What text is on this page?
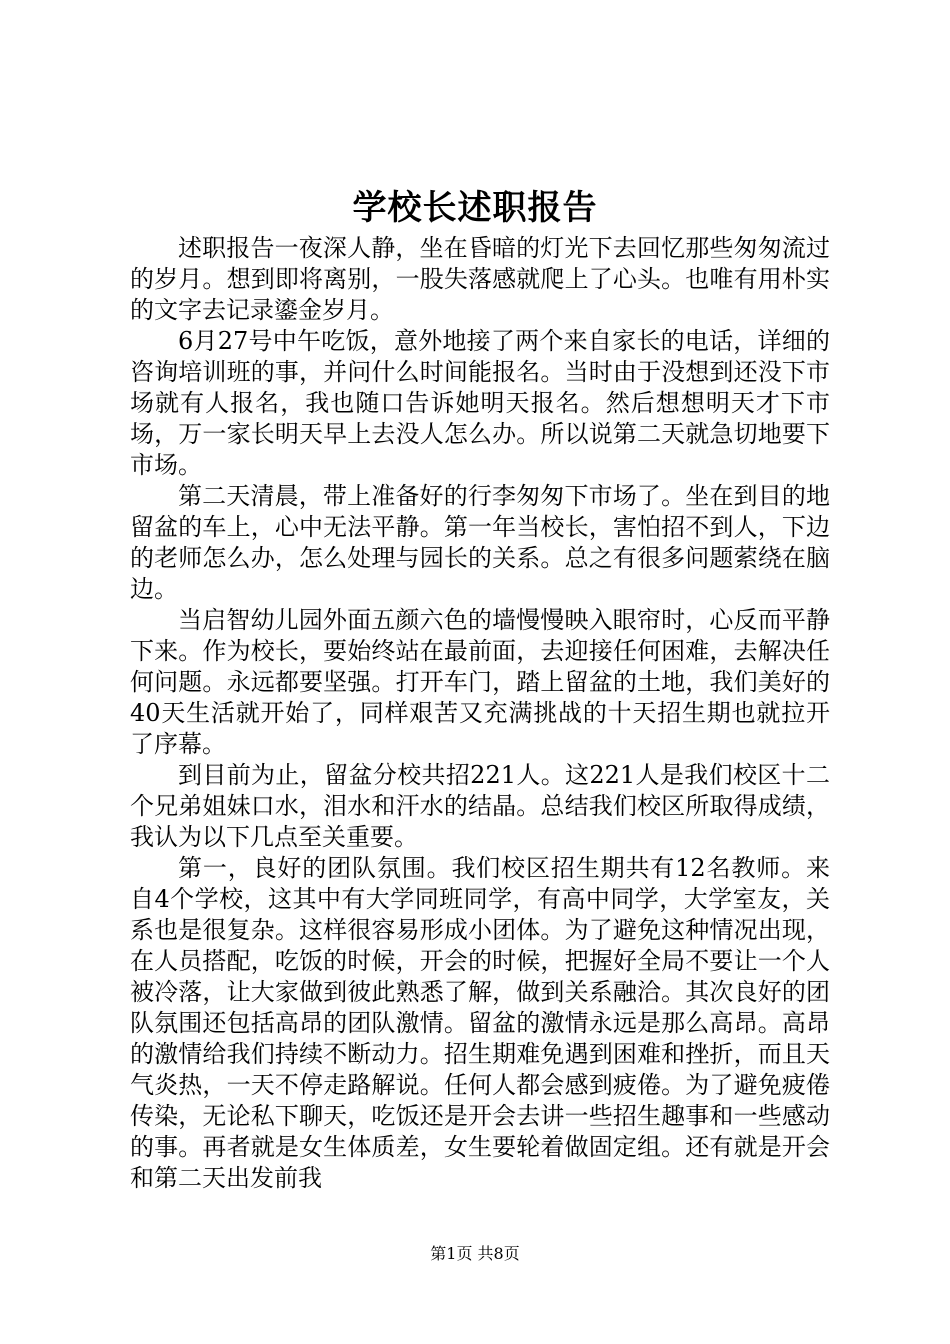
学校长述职报告

述职报告一夜深人静，坐在昏暗的灯光下去回忆那些匆匆流过的岁月。想到即将离别，一股失落感就爬上了心头。也唯有用朴实的文字去记录鎏金岁月。

6月27号中午吃饭，意外地接了两个来自家长的电话，详细的咨询培训班的事，并问什么时间能报名。当时由于没想到还没下市场就有人报名，我也随口告诉她明天报名。然后想想明天才下市场，万一家长明天早上去没人怎么办。所以说第二天就急切地要下市场。

第二天清晨，带上准备好的行李匆匆下市场了。坐在到目的地留盆的车上，心中无法平静。第一年当校长，害怕招不到人，下边的老师怎么办，怎么处理与园长的关系。总之有很多问题萦绕在脑边。

当启智幼儿园外面五颜六色的墙慢慢映入眼帘时，心反而平静下来。作为校长，要始终站在最前面，去迎接任何困难，去解决任何问题。永远都要坚强。打开车门，踏上留盆的土地，我们美好的40天生活就开始了，同样艰苦又充满挑战的十天招生期也就拉开了序幕。

到目前为止，留盆分校共招221人。这221人是我们校区十二个兄弟姐妹口水，泪水和汗水的结晶。总结我们校区所取得成绩，我认为以下几点至关重要。

第一，良好的团队氛围。我们校区招生期共有12名教师。来自4个学校，这其中有大学同班同学，有高中同学，大学室友，关系也是很复杂。这样很容易形成小团体。为了避免这种情况出现，在人员搭配，吃饭的时候，开会的时候，把握好全局不要让一个人被冷落，让大家做到彼此熟悉了解，做到关系融洽。其次良好的团队氛围还包括高昂的团队激情。留盆的激情永远是那么高昂。高昂的激情给我们持续不断动力。招生期难免遇到困难和挫折，而且天气炎热，一天不停走路解说。任何人都会感到疲倦。为了避免疲倦传染，无论私下聊天，吃饭还是开会去讲一些招生趣事和一些感动的事。再者就是女生体质差，女生要轮着做固定组。还有就是开会和第二天出发前我

第1页 共8页
